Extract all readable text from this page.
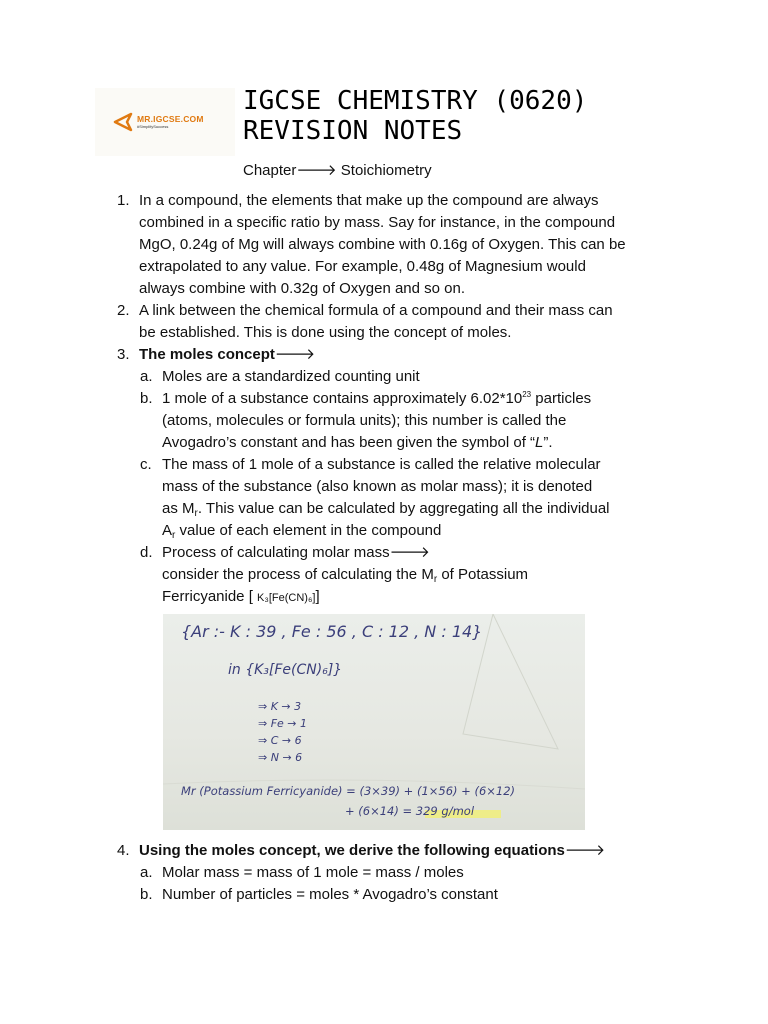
MR.IGCSE.COM
#SimplifySuccess
IGCSE CHEMISTRY (0620)
REVISION NOTES
Chapter🡒 Stoichiometry
1. In a compound, the elements that make up the compound are always
combined in a specific ratio by mass. Say for instance, in the compound
MgO, 0.24g of Mg will always combine with 0.16g of Oxygen. This can be
extrapolated to any value. For example, 0.48g of Magnesium would
always combine with 0.32g of Oxygen and so on.
2. A link between the chemical formula of a compound and their mass can
be established. This is done using the concept of moles.
3. The moles concept🡒
a. Moles are a standardized counting unit
b. 1 mole of a substance contains approximately $6.02*10^{23}$ particles
(atoms, molecules or formula units); this number is called the
Avogadro’s constant and has been given the symbol of “L”.
c. The mass of 1 mole of a substance is called the relative molecular
mass of the substance (also known as molar mass); it is denoted
as $M_r$. This value can be calculated by aggregating all the individual
$A_r$ value of each element in the compound
d. Process of calculating molar mass🡒
consider the process of calculating the $M_r$ of Potassium
Ferricyanide [ K₃[Fe(CN)₆]]
{Ar :- K : 39 , Fe : 56 , C : 12 , N : 14}
in {K₃[Fe(CN)₆]}
⇒ K → 3
⇒ Fe → 1
⇒ C → 6
⇒ N → 6
Mr (Potassium Ferricyanide) = (3×39) + (1×56) + (6×12)
+ (6×14) = 329 g/mol
4. Using the moles concept, we derive the following equations🡒
a. Molar mass = mass of 1 mole = mass / moles
b. Number of particles = moles * Avogadro’s constant
